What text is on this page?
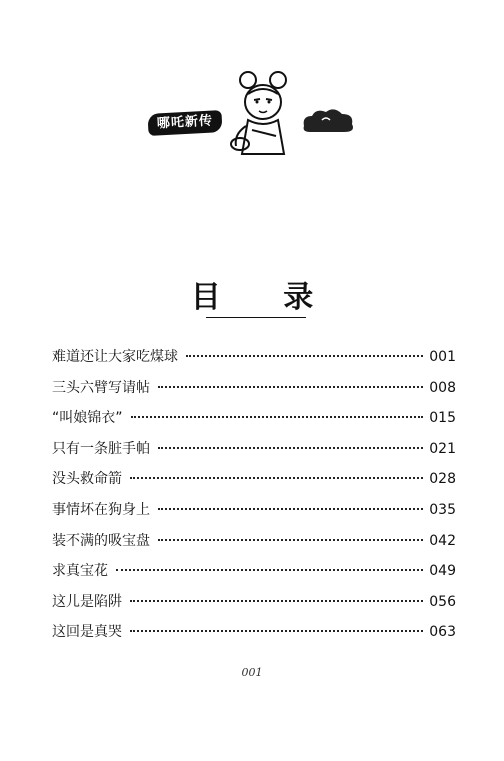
哪吒新传
目 录
难道还让大家吃煤球	001
三头六臂写请帖	008
“叫娘锦衣”	015
只有一条脏手帕	021
没头救命箭	028
事情坏在狗身上	035
装不满的吸宝盘	042
求真宝花	049
这儿是陷阱	056
这回是真哭	063
001
